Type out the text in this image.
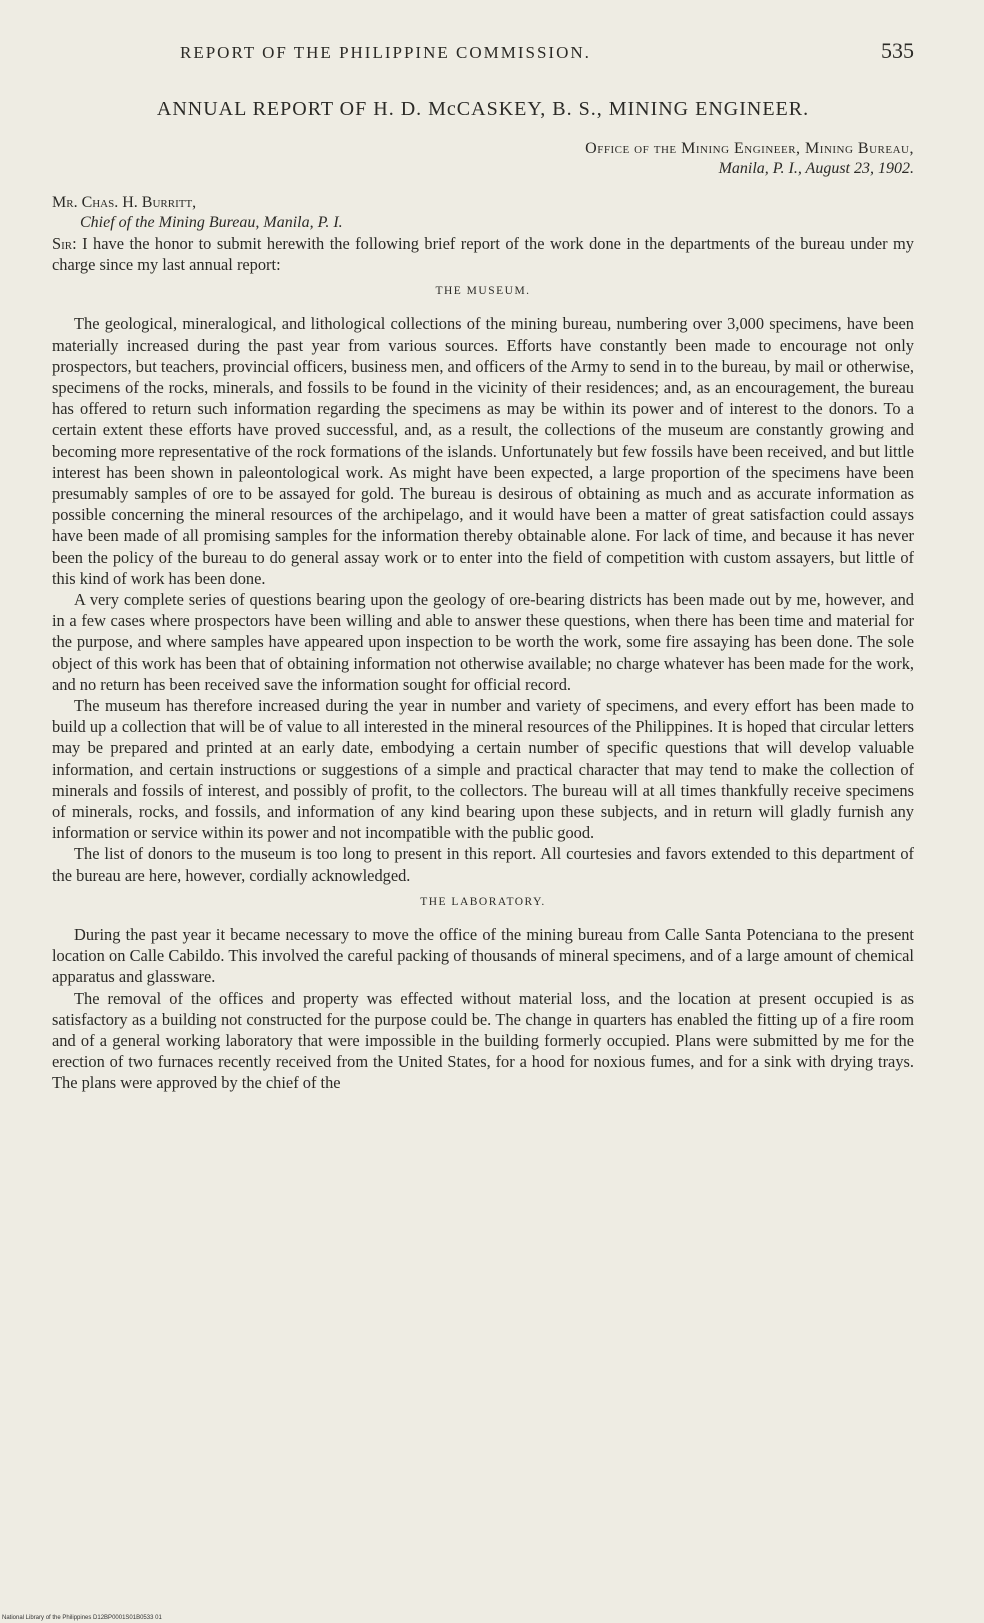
REPORT OF THE PHILIPPINE COMMISSION.	535
ANNUAL REPORT OF H. D. McCASKEY, B. S., MINING ENGINEER.
Office of the Mining Engineer, Mining Bureau,
Manila, P. I., August 23, 1902.
Mr. Chas. H. Burritt,
Chief of the Mining Bureau, Manila, P. I.

Sir: I have the honor to submit herewith the following brief report of the work done in the departments of the bureau under my charge since my last annual report:

THE MUSEUM.

The geological, mineralogical, and lithological collections of the mining bureau, numbering over 3,000 specimens, have been materially increased during the past year from various sources. Efforts have constantly been made to encourage not only prospectors, but teachers, provincial officers, business men, and officers of the Army to send in to the bureau, by mail or otherwise, specimens of the rocks, minerals, and fossils to be found in the vicinity of their residences; and, as an encouragement, the bureau has offered to return such information regarding the specimens as may be within its power and of interest to the donors. To a certain extent these efforts have proved successful, and, as a result, the collections of the museum are constantly growing and becoming more representative of the rock formations of the islands. Unfortunately but few fossils have been received, and but little interest has been shown in paleontological work. As might have been expected, a large proportion of the specimens have been presumably samples of ore to be assayed for gold. The bureau is desirous of obtaining as much and as accurate information as possible concerning the mineral resources of the archipelago, and it would have been a matter of great satisfaction could assays have been made of all promising samples for the information thereby obtainable alone. For lack of time, and because it has never been the policy of the bureau to do general assay work or to enter into the field of competition with custom assayers, but little of this kind of work has been done.

A very complete series of questions bearing upon the geology of ore-bearing districts has been made out by me, however, and in a few cases where prospectors have been willing and able to answer these questions, when there has been time and material for the purpose, and where samples have appeared upon inspection to be worth the work, some fire assaying has been done. The sole object of this work has been that of obtaining information not otherwise available; no charge whatever has been made for the work, and no return has been received save the information sought for official record.

The museum has therefore increased during the year in number and variety of specimens, and every effort has been made to build up a collection that will be of value to all interested in the mineral resources of the Philippines. It is hoped that circular letters may be prepared and printed at an early date, embodying a certain number of specific questions that will develop valuable information, and certain instructions or suggestions of a simple and practical character that may tend to make the collection of minerals and fossils of interest, and possibly of profit, to the collectors. The bureau will at all times thankfully receive specimens of minerals, rocks, and fossils, and information of any kind bearing upon these subjects, and in return will gladly furnish any information or service within its power and not incompatible with the public good.

The list of donors to the museum is too long to present in this report. All courtesies and favors extended to this department of the bureau are here, however, cordially acknowledged.

THE LABORATORY.

During the past year it became necessary to move the office of the mining bureau from Calle Santa Potenciana to the present location on Calle Cabildo. This involved the careful packing of thousands of mineral specimens, and of a large amount of chemical apparatus and glassware.

The removal of the offices and property was effected without material loss, and the location at present occupied is as satisfactory as a building not constructed for the purpose could be. The change in quarters has enabled the fitting up of a fire room and of a general working laboratory that were impossible in the building formerly occupied. Plans were submitted by me for the erection of two furnaces recently received from the United States, for a hood for noxious fumes, and for a sink with drying trays. The plans were approved by the chief of the

National Library of the Philippines D12BP0001S01B0533 01
